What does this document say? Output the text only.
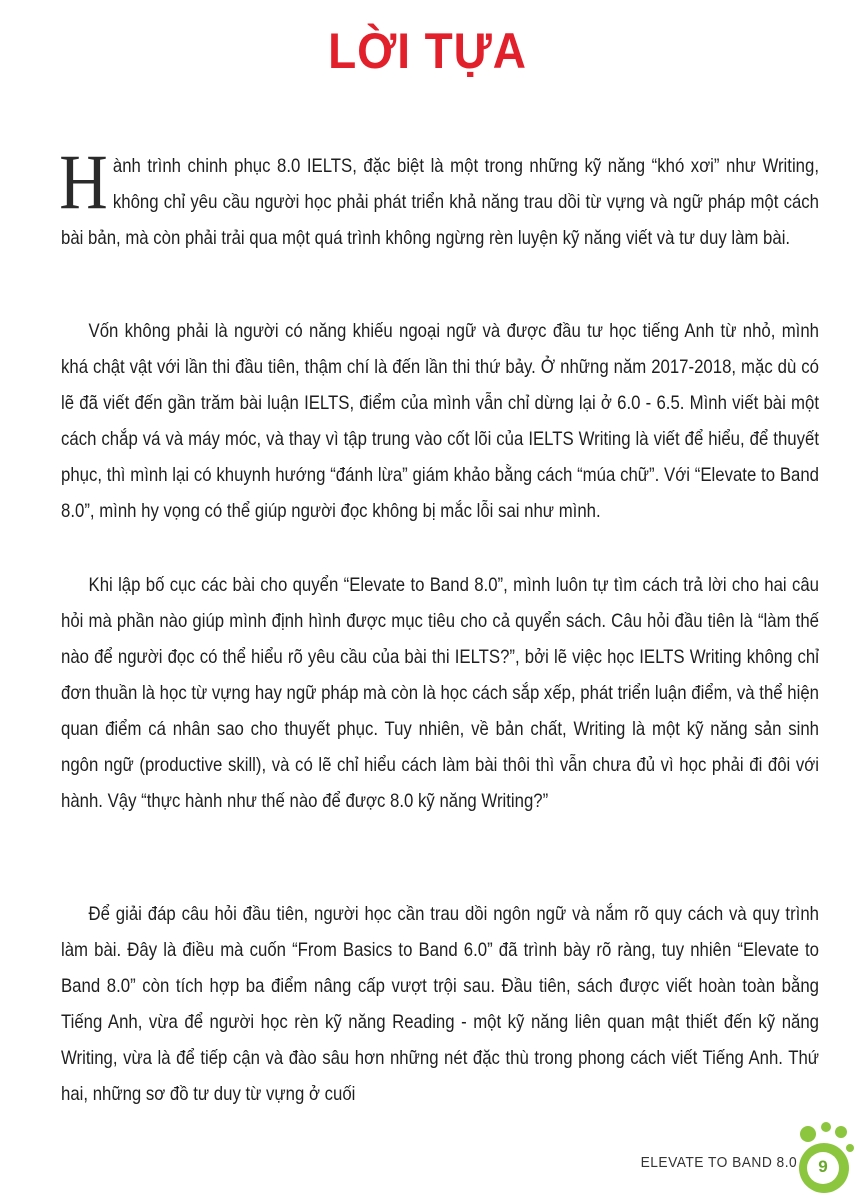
LỜI TỰA

Hành trình chinh phục 8.0 IELTS, đặc biệt là một trong những kỹ năng “khó xơi” như Writing, không chỉ yêu cầu người học phải phát triển khả năng trau dồi từ vựng và ngữ pháp một cách bài bản, mà còn phải trải qua một quá trình không ngừng rèn luyện kỹ năng viết và tư duy làm bài.

Vốn không phải là người có năng khiếu ngoại ngữ và được đầu tư học tiếng Anh từ nhỏ, mình khá chật vật với lần thi đầu tiên, thậm chí là đến lần thi thứ bảy. Ở những năm 2017-2018, mặc dù có lẽ đã viết đến gần trăm bài luận IELTS, điểm của mình vẫn chỉ dừng lại ở 6.0 - 6.5. Mình viết bài một cách chắp vá và máy móc, và thay vì tập trung vào cốt lõi của IELTS Writing là viết để hiểu, để thuyết phục, thì mình lại có khuynh hướng “đánh lừa” giám khảo bằng cách “múa chữ”. Với “Elevate to Band 8.0”, mình hy vọng có thể giúp người đọc không bị mắc lỗi sai như mình.

Khi lập bố cục các bài cho quyển “Elevate to Band 8.0”, mình luôn tự tìm cách trả lời cho hai câu hỏi mà phần nào giúp mình định hình được mục tiêu cho cả quyển sách. Câu hỏi đầu tiên là “làm thế nào để người đọc có thể hiểu rõ yêu cầu của bài thi IELTS?”, bởi lẽ việc học IELTS Writing không chỉ đơn thuần là học từ vựng hay ngữ pháp mà còn là học cách sắp xếp, phát triển luận điểm, và thể hiện quan điểm cá nhân sao cho thuyết phục. Tuy nhiên, về bản chất, Writing là một kỹ năng sản sinh ngôn ngữ (productive skill), và có lẽ chỉ hiểu cách làm bài thôi thì vẫn chưa đủ vì học phải đi đôi với hành. Vậy “thực hành như thế nào để được 8.0 kỹ năng Writing?”

Để giải đáp câu hỏi đầu tiên, người học cần trau dồi ngôn ngữ và nắm rõ quy cách và quy trình làm bài. Đây là điều mà cuốn “From Basics to Band 6.0” đã trình bày rõ ràng, tuy nhiên “Elevate to Band 8.0” còn tích hợp ba điểm nâng cấp vượt trội sau. Đầu tiên, sách được viết hoàn toàn bằng Tiếng Anh, vừa để người học rèn kỹ năng Reading - một kỹ năng liên quan mật thiết đến kỹ năng Writing, vừa là để tiếp cận và đào sâu hơn những nét đặc thù trong phong cách viết Tiếng Anh. Thứ hai, những sơ đồ tư duy từ vựng ở cuối

ELEVATE TO BAND 8.0	9
